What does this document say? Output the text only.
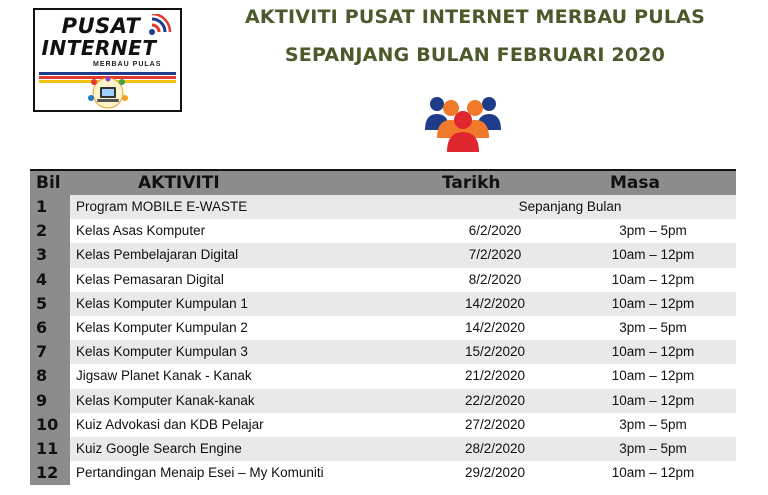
PUSAT
INTERNET
MERBAU PULAS
AKTIVITI PUSAT INTERNET MERBAU PULAS
SEPANJANG BULAN FEBRUARI 2020
Bil	AKTIVITI	Tarikh	Masa
1	Program MOBILE E-WASTE	Sepanjang Bulan
2	Kelas Asas Komputer	6/2/2020	3pm – 5pm
3	Kelas Pembelajaran Digital	7/2/2020	10am – 12pm
4	Kelas Pemasaran Digital	8/2/2020	10am – 12pm
5	Kelas Komputer Kumpulan 1	14/2/2020	10am – 12pm
6	Kelas Komputer Kumpulan 2	14/2/2020	3pm – 5pm
7	Kelas Komputer Kumpulan 3	15/2/2020	10am – 12pm
8	Jigsaw Planet Kanak - Kanak	21/2/2020	10am – 12pm
9	Kelas Komputer Kanak-kanak	22/2/2020	10am – 12pm
10	Kuiz Advokasi dan KDB Pelajar	27/2/2020	3pm – 5pm
11	Kuiz Google Search Engine	28/2/2020	3pm – 5pm
12	Pertandingan Menaip Esei – My Komuniti	29/2/2020	10am – 12pm
